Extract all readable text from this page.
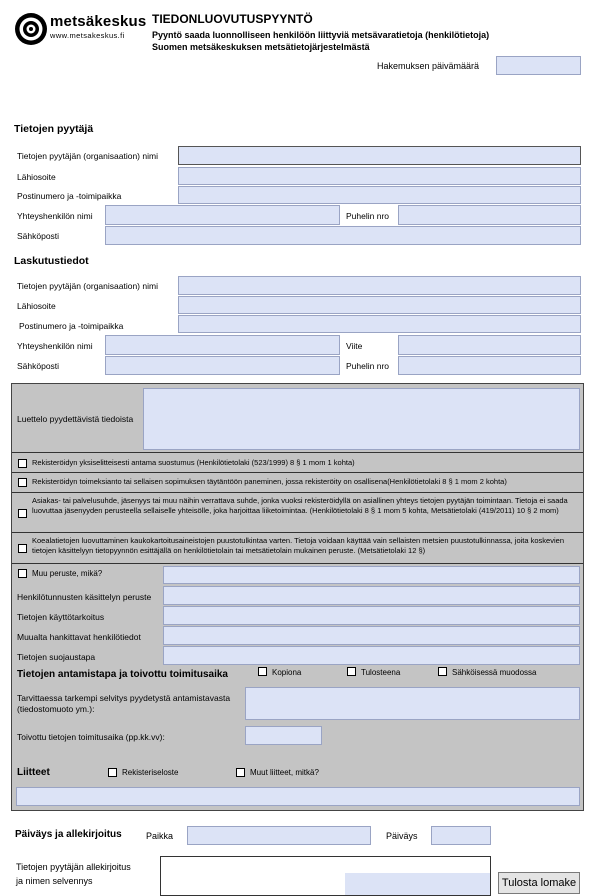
metsäkeskus
www.metsakeskus.fi
TIEDONLUOVUTUSPYYNTÖ
Pyyntö saada luonnolliseen henkilöön liittyviä metsävaratietoja (henkilötietoja)
Suomen metsäkeskuksen metsätietojärjestelmästä
Hakemuksen päivämäärä
Tietojen pyytäjä
Tietojen pyytäjän (organisaation) nimi
Lähiosoite
Postinumero ja -toimipaikka
Yhteyshenkilön nimi	Puhelin nro
Sähköposti
Laskutustiedot
Tietojen pyytäjän (organisaation) nimi
Lähiosoite
Postinumero ja -toimipaikka
Yhteyshenkilön nimi	Viite
Sähköposti	Puhelin nro
Luettelo pyydettävistä tiedoista
Rekisteröidyn yksiselitteisesti antama suostumus (Henkilötietolaki (523/1999) 8 § 1 mom 1 kohta)
Rekisteröidyn toimeksianto tai sellaisen sopimuksen täytäntöön paneminen, jossa rekisteröity on osallisena(Henkilötietolaki 8 § 1 mom 2 kohta)
Asiakas- tai palvelusuhde, jäsenyys tai muu näihin verrattava suhde, jonka vuoksi rekisteröidyllä on asiallinen yhteys tietojen pyytäjän toimintaan. Tietoja ei saada luovuttaa jäsenyyden perusteella sellaiselle yhteisölle, joka harjoittaa liiketoimintaa. (Henkilötietolaki 8 § 1 mom 5 kohta, Metsätietolaki (419/2011) 10 § 2 mom)
Koealatietojen luovuttaminen kaukokartoitusaineistojen puustotulkintaa varten. Tietoja voidaan käyttää vain sellaisten metsien puustotulkinnassa, joita koskevien tietojen käsittelyyn tietopyynnön esittäjällä on henkilötietolain tai metsätietolain mukainen peruste. (Metsätietolaki 12 §)
Muu peruste, mikä?
Henkilötunnusten käsittelyn peruste
Tietojen käyttötarkoitus
Muualta hankittavat henkilötiedot
Tietojen suojaustapa
Tietojen antamistapa ja toivottu toimitusaika	Kopiona	Tulosteena	Sähköisessä muodossa
Tarvittaessa tarkempi selvitys pyydetystä antamistavasta (tiedostomuoto ym.):
Toivottu tietojen toimitusaika (pp.kk.vv):
Liitteet	Rekisteriseloste	Muut liitteet, mitkä?
Päiväys ja allekirjoitus	Paikka	Päiväys
Tietojen pyytäjän allekirjoitus
ja nimen selvennys	Tulosta lomake
